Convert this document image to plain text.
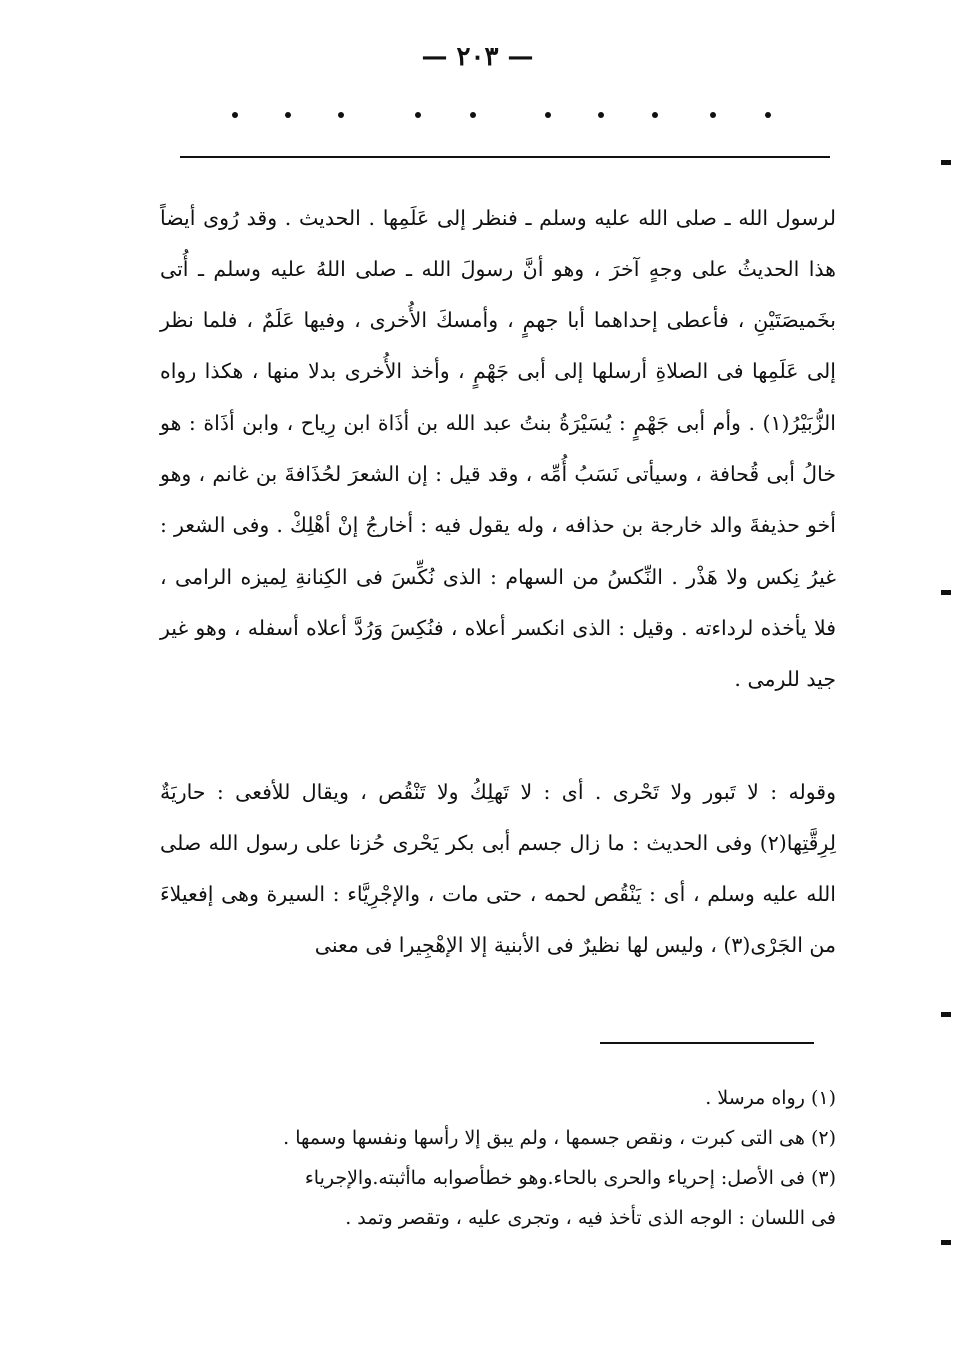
— ٢٠٣ —

لرسول الله ـ صلى الله عليه وسلم ـ فنظر إلى عَلَمِها . الحديث . وقد رُوى أيضاً هذا الحديثُ على وجهٍ آخرَ ، وهو أنَّ رسولَ الله ـ صلى اللهُ عليه وسلم ـ أُتى بخَميصَتَيْنِ ، فأعطى إحداهما أبا جهمٍ ، وأمسكَ الأُخرى ، وفيها عَلَمٌ ، فلما نظر إلى عَلَمِها فى الصلاةِ أرسلها إلى أبى جَهْمٍ ، وأخذ الأُخرى بدلا منها ، هكذا رواه الزُّبَيْرُ(١) . وأم أبى جَهْمٍ : يُسَيْرَةُ بنتُ عبد الله بن أذَاة ابن رِياح ، وابن أذَاة : هو خالُ أبى قُحافة ، وسيأتى نَسَبُ أُمِّه ، وقد قيل : إن الشعرَ لحُذَافةَ بن غانم ، وهو أخو حذيفةَ والد خارجة بن حذافه ، وله يقول فيه : أخارجُ إنْ أهْلِكْ . وفى الشعر : غيرُ نِكس ولا هَذْر . النِّكسُ من السهام : الذى نُكِّسَ فى الكِنانةِ لِميزه الرامى ، فلا يأخذه لرداءته . وقيل : الذى انكسر أعلاه ، فنُكِسَ وَرُدَّ أعلاه أسفله ، وهو غير جيد للرمى .

وقوله : لا تَبور ولا تَحْرى . أى : لا تَهلِكُ ولا تَنْقُص ، ويقال للأفعى : حاريَةٌ لِرِقَّتِها(٢) وفى الحديث : ما زال جسم أبى بكر يَحْرى حُزنا على رسول الله صلى الله عليه وسلم ، أى : يَنْقُص لحمه ، حتى مات ، والإجْرِيَّاء : السيرة وهى إفعيلاءَ من الجَرْى(٣) ، وليس لها نظيرٌ فى الأبنية إلا الإهْجِيرا فى معنى

(١) رواه مرسلا .

(٢) هى التى كبرت ، ونقص جسمها ، ولم يبق إلا رأسها ونفسها وسمها .

(٣) فى الأصل: إحرياء والحرى بالحاء.وهو خطأصوابه ماأثبته.والإجرياء

فى اللسان : الوجه الذى تأخذ فيه ، وتجرى عليه ، وتقصر وتمد .
